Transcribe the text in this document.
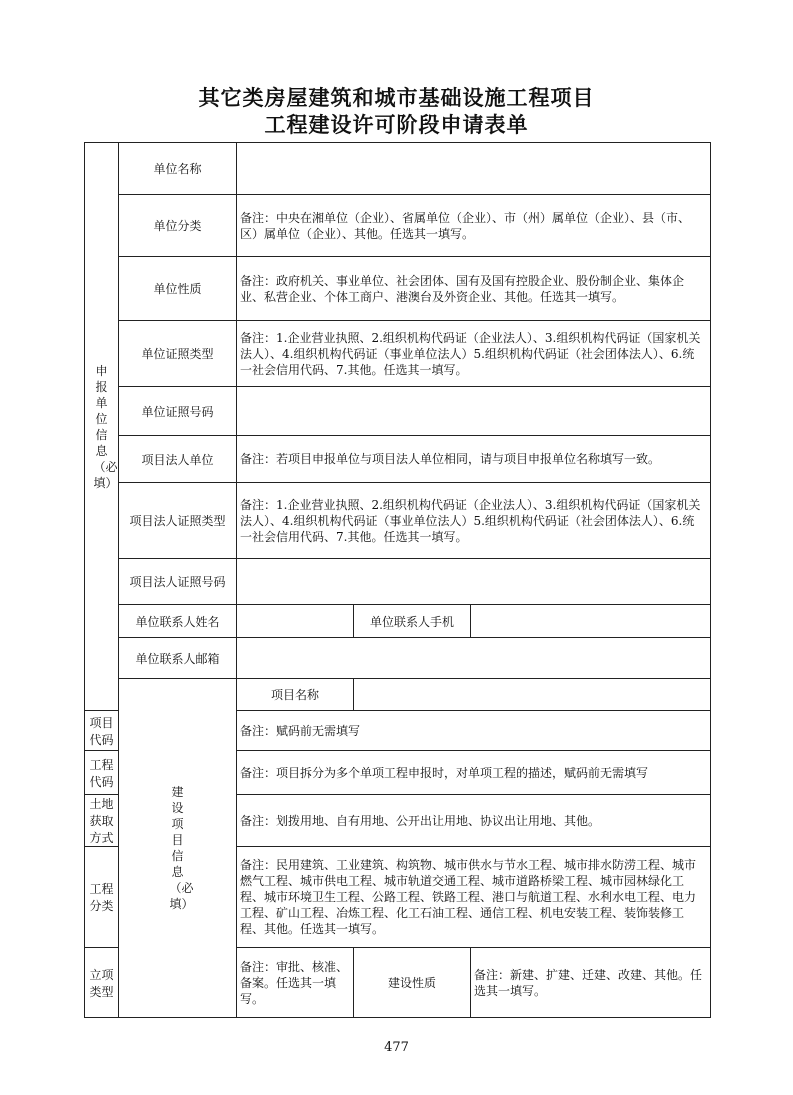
其它类房屋建筑和城市基础设施工程项目
工程建设许可阶段申请表单
申报单位信息（必填）	单位名称			
	单位分类	备注：中央在湘单位（企业）、省属单位（企业）、市（州）属单位（企业）、县（市、区）属单位（企业）、其他。任选其一填写。		
	单位性质	备注：政府机关、事业单位、社会团体、国有及国有控股企业、股份制企业、集体企业、私营企业、个体工商户、港澳台及外资企业、其他。任选其一填写。		
	单位证照类型	备注：1.企业营业执照、2.组织机构代码证（企业法人）、3.组织机构代码证（国家机关法人）、4.组织机构代码证（事业单位法人）5.组织机构代码证（社会团体法人）、6.统一社会信用代码、7.其他。任选其一填写。		
	单位证照号码			
	项目法人单位	备注：若项目申报单位与项目法人单位相同，请与项目申报单位名称填写一致。		
	项目法人证照类型	备注：1.企业营业执照、2.组织机构代码证（企业法人）、3.组织机构代码证（国家机关法人）、4.组织机构代码证（事业单位法人）5.组织机构代码证（社会团体法人）、6.统一社会信用代码、7.其他。任选其一填写。		
	项目法人证照号码			
	单位联系人姓名		单位联系人手机	
	单位联系人邮箱			
	建设项目信息（必填）	项目名称		
项目代码		备注：赋码前无需填写		
工程代码		备注：项目拆分为多个单项工程申报时，对单项工程的描述，赋码前无需填写		
土地获取方式		备注：划拨用地、自有用地、公开出让用地、协议出让用地、其他。		
工程分类		备注：民用建筑、工业建筑、构筑物、城市供水与节水工程、城市排水防涝工程、城市燃气工程、城市供电工程、城市轨道交通工程、城市道路桥梁工程、城市园林绿化工程、城市环境卫生工程、公路工程、铁路工程、港口与航道工程、水利水电工程、电力工程、矿山工程、冶炼工程、化工石油工程、通信工程、机电安装工程、装饰装修工程、其他。任选其一填写。		
立项类型		备注：审批、核准、备案。任选其一填写。	建设性质	备注：新建、扩建、迁建、改建、其他。任选其一填写。
477
